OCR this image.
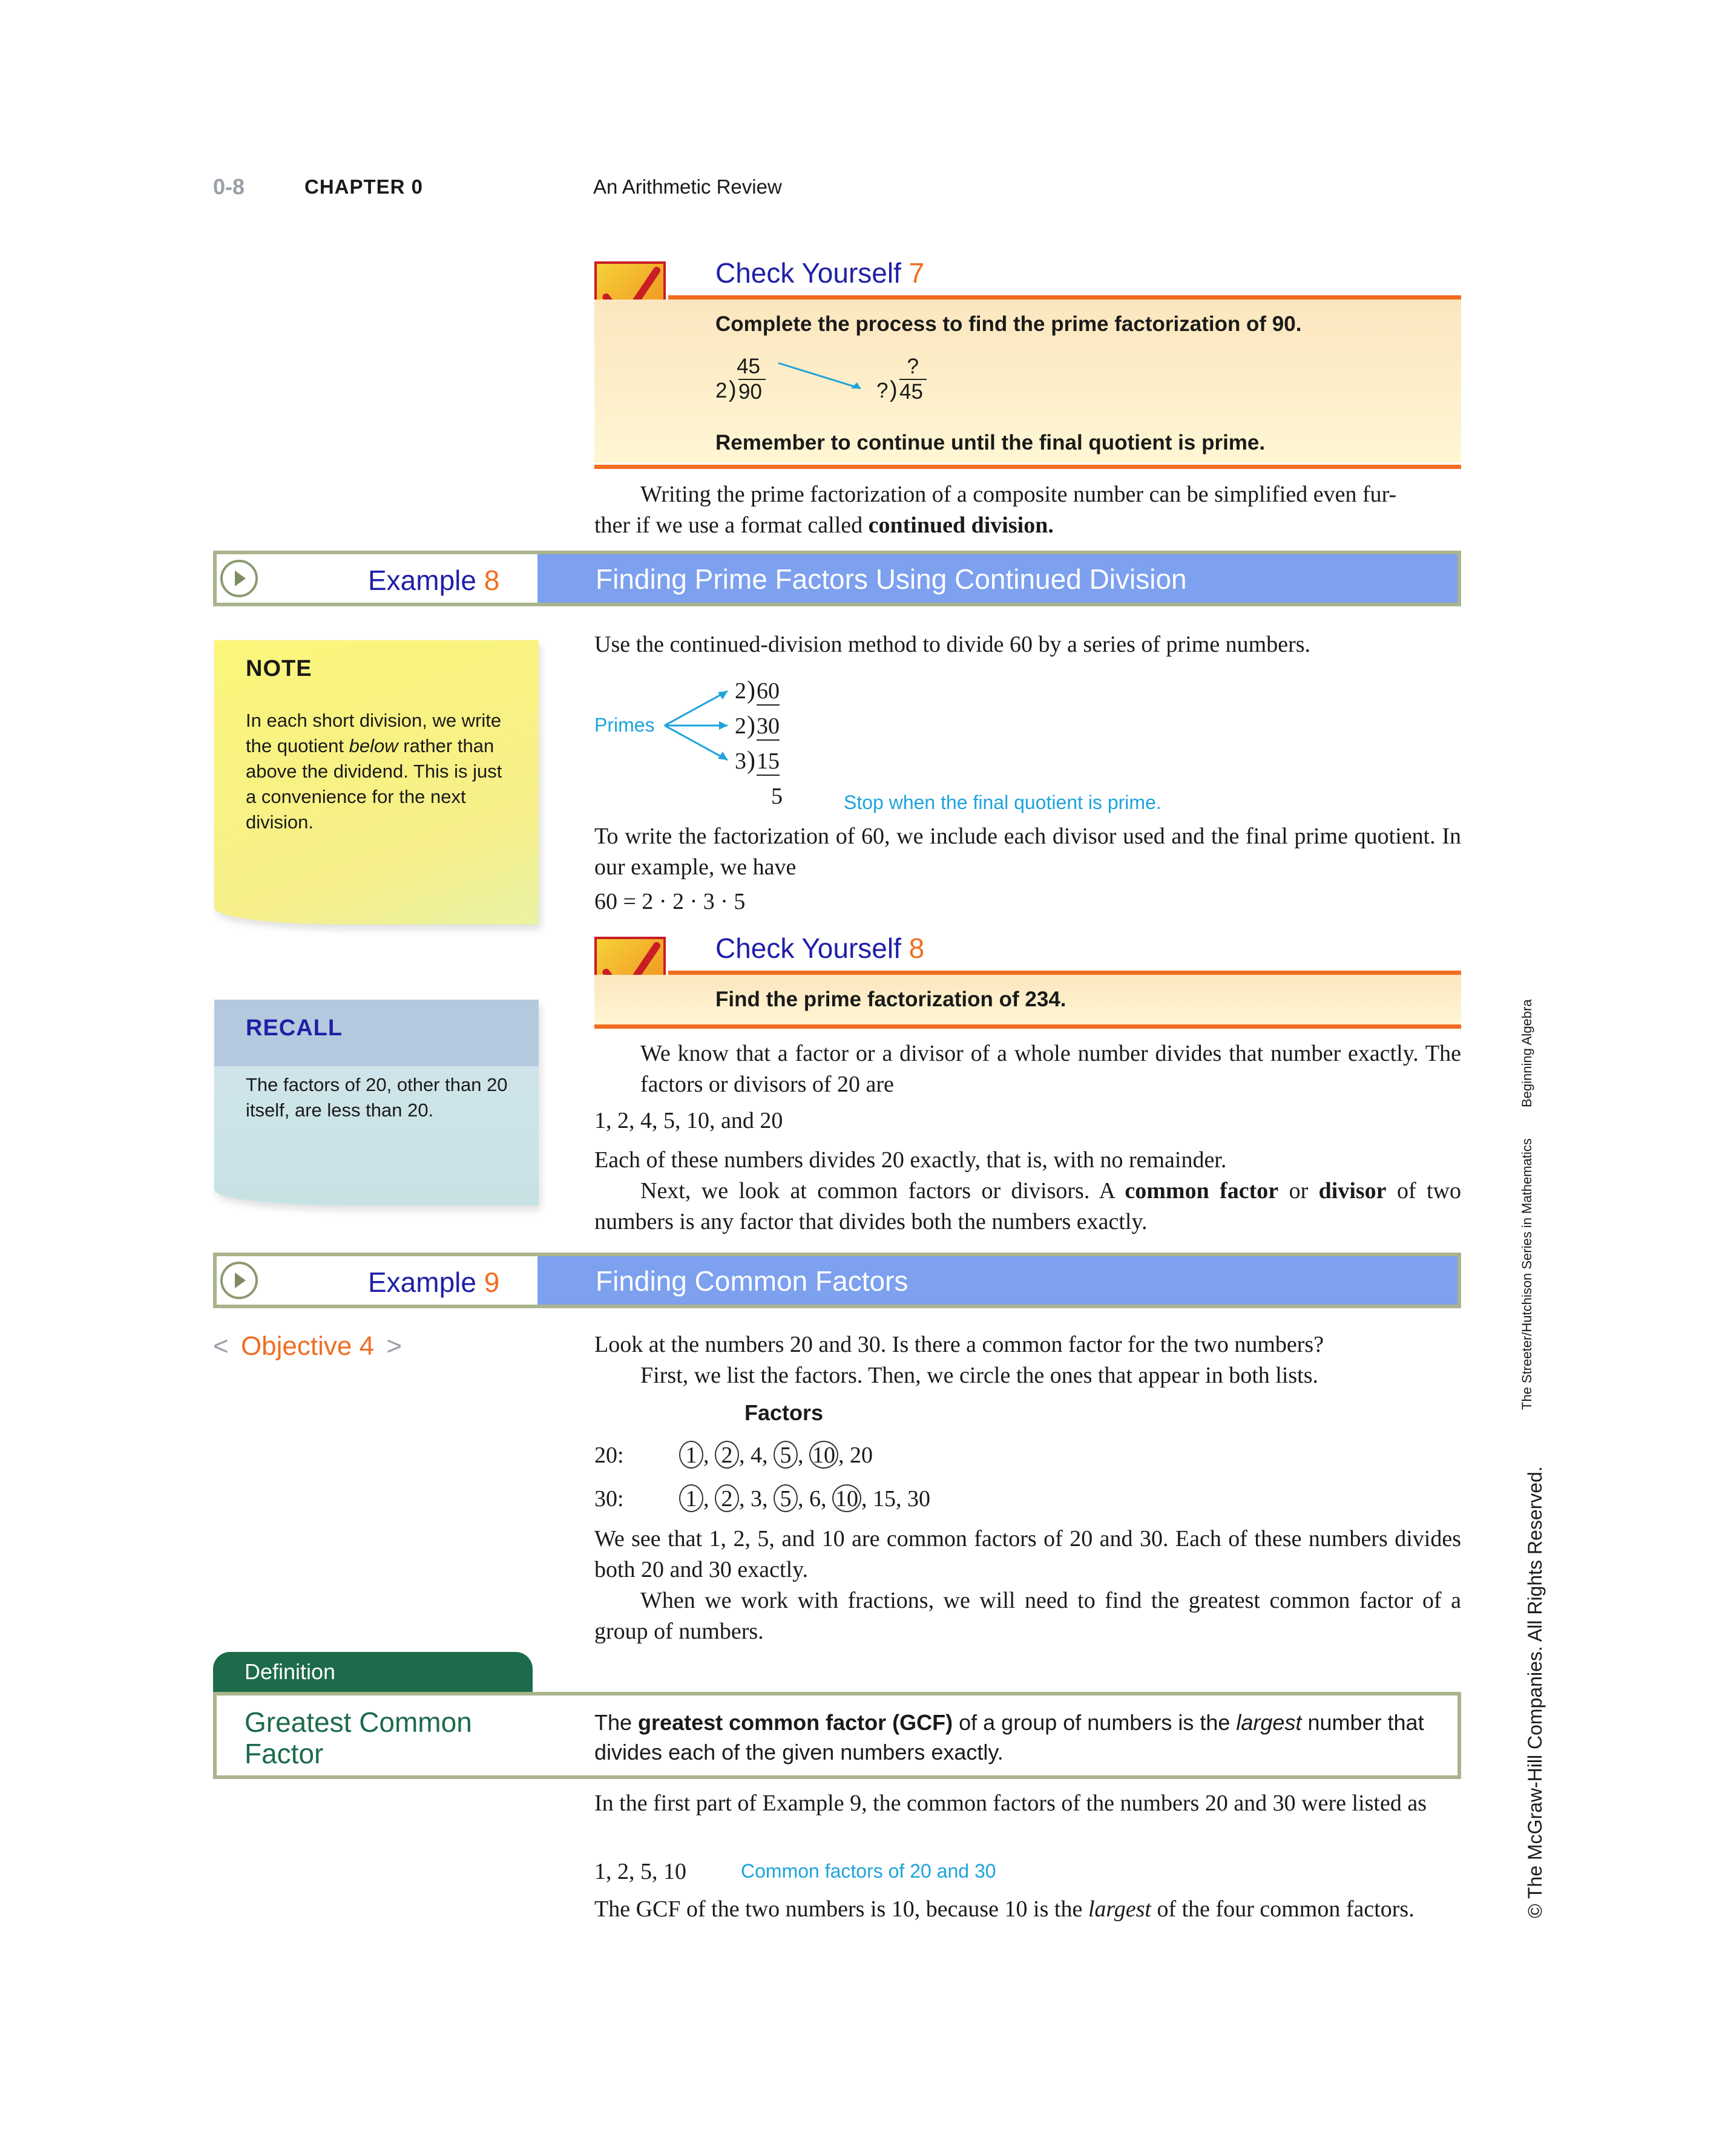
0-8	CHAPTER 0	An Arithmetic Review
Check Yourself 7
Complete the process to find the prime factorization of 90.
45
2 ) 90
?
? ) 45
Remember to continue until the final quotient is prime.
Writing the prime factorization of a composite number can be simplified even fur-
ther if we use a format called continued division.
Example 8	Finding Prime Factors Using Continued Division
NOTE
In each short division, we write the quotient below rather than above the dividend. This is just a convenience for the next division.
Use the continued-division method to divide 60 by a series of prime numbers.
Primes
2 ) 60
2 ) 30
3 ) 15
5	Stop when the final quotient is prime.
To write the factorization of 60, we include each divisor used and the final prime quotient. In our example, we have
60 = 2 · 2 · 3 · 5
Check Yourself 8
Find the prime factorization of 234.
RECALL
The factors of 20, other than 20 itself, are less than 20.
We know that a factor or a divisor of a whole number divides that number exactly. The factors or divisors of 20 are
1, 2, 4, 5, 10, and 20
Each of these numbers divides 20 exactly, that is, with no remainder.
Next, we look at common factors or divisors. A common factor or divisor of two numbers is any factor that divides both the numbers exactly.
Example 9	Finding Common Factors
< Objective 4 >	Look at the numbers 20 and 30. Is there a common factor for the two numbers?
First, we list the factors. Then, we circle the ones that appear in both lists.
Factors
20:	1 , 2 , 4, 5 , 10 , 20
30:	1 , 2 , 3, 5 , 6, 10 , 15, 30
We see that 1, 2, 5, and 10 are common factors of 20 and 30. Each of these numbers divides both 20 and 30 exactly.
When we work with fractions, we will need to find the greatest common factor of a group of numbers.
Definition
Greatest Common
Factor
The greatest common factor (GCF) of a group of numbers is the largest number that divides each of the given numbers exactly.
In the first part of Example 9, the common factors of the numbers 20 and 30 were listed as
1, 2, 5, 10	Common factors of 20 and 30
The GCF of the two numbers is 10, because 10 is the largest of the four common factors.
Beginning Algebra
The Streeter/Hutchison Series in Mathematics
© The McGraw-Hill Companies. All Rights Reserved.
